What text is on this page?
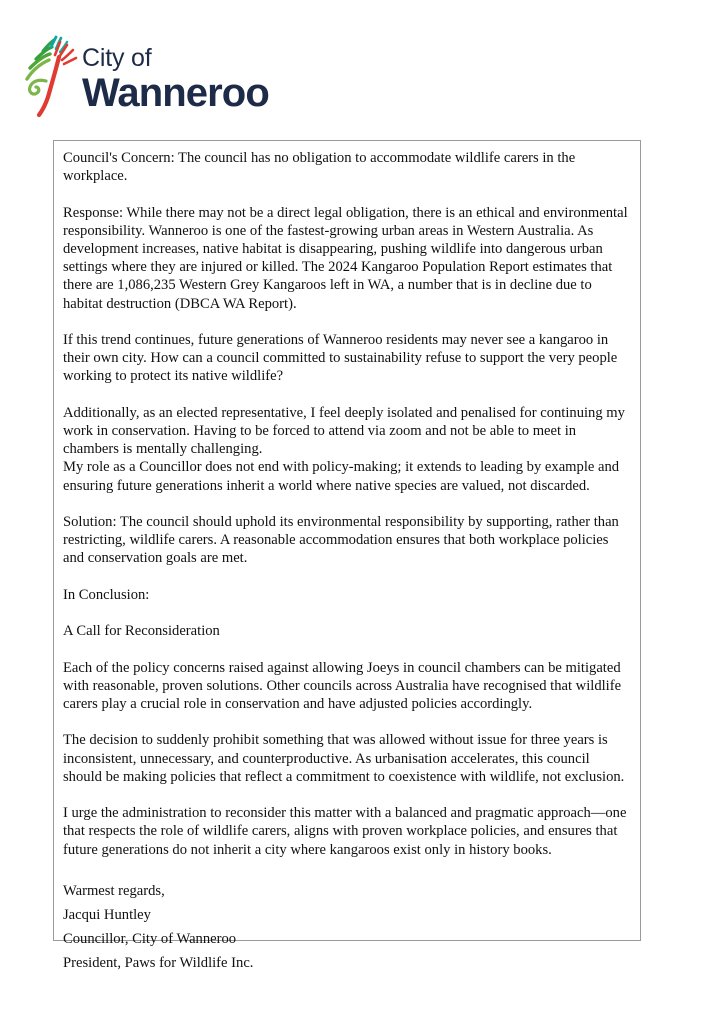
City of
Wanneroo

Council's Concern: The council has no obligation to accommodate wildlife carers in the workplace.

Response: While there may not be a direct legal obligation, there is an ethical and environmental responsibility. Wanneroo is one of the fastest-growing urban areas in Western Australia. As development increases, native habitat is disappearing, pushing wildlife into dangerous urban settings where they are injured or killed. The 2024 Kangaroo Population Report estimates that there are 1,086,235 Western Grey Kangaroos left in WA, a number that is in decline due to habitat destruction (DBCA WA Report).

If this trend continues, future generations of Wanneroo residents may never see a kangaroo in their own city. How can a council committed to sustainability refuse to support the very people working to protect its native wildlife?

Additionally, as an elected representative, I feel deeply isolated and penalised for continuing my work in conservation. Having to be forced to attend via zoom and not be able to meet in chambers is mentally challenging.

My role as a Councillor does not end with policy-making; it extends to leading by example and ensuring future generations inherit a world where native species are valued, not discarded.

Solution: The council should uphold its environmental responsibility by supporting, rather than restricting, wildlife carers. A reasonable accommodation ensures that both workplace policies and conservation goals are met.

In Conclusion:

A Call for Reconsideration

Each of the policy concerns raised against allowing Joeys in council chambers can be mitigated with reasonable, proven solutions. Other councils across Australia have recognised that wildlife carers play a crucial role in conservation and have adjusted policies accordingly.

The decision to suddenly prohibit something that was allowed without issue for three years is inconsistent, unnecessary, and counterproductive. As urbanisation accelerates, this council should be making policies that reflect a commitment to coexistence with wildlife, not exclusion.

I urge the administration to reconsider this matter with a balanced and pragmatic approach—one that respects the role of wildlife carers, aligns with proven workplace policies, and ensures that future generations do not inherit a city where kangaroos exist only in history books.

Warmest regards,

Jacqui Huntley

Councillor, City of Wanneroo

President, Paws for Wildlife Inc.
